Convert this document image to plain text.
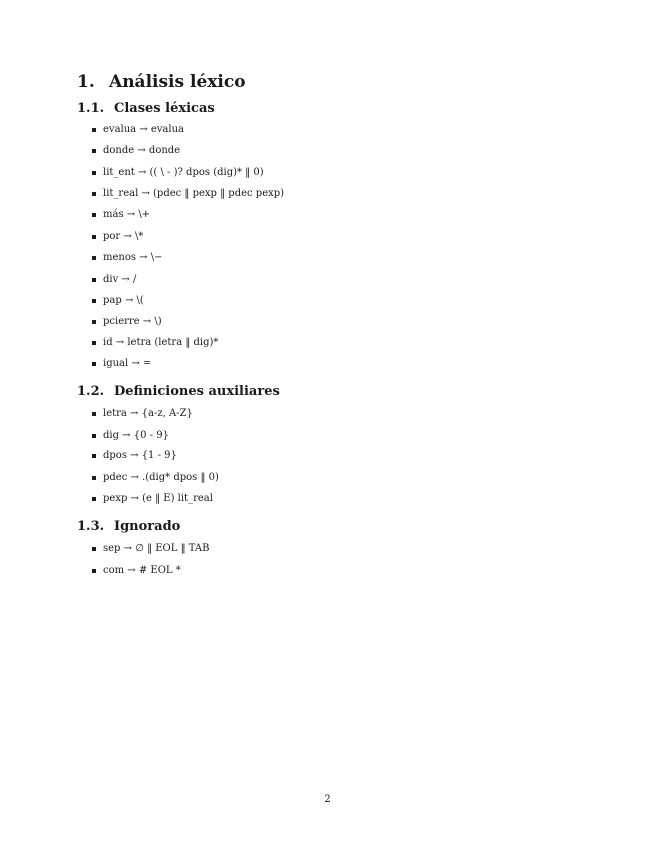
1. Análisis léxico
1.1. Clases léxicas
evalua → evalua
donde → donde
lit_ent → (( \ - )? dpos (dig)* ‖ 0)
lit_real → (pdec ‖ pexp ‖ pdec pexp)
más → \+
por → \*
menos → \−
div → /
pap → \(
pcierre → \)
id → letra (letra ‖ dig)*
igual → =
1.2. Definiciones auxiliares
letra → {a-z, A-Z}
dig → {0 - 9}
dpos → {1 - 9}
pdec → .(dig* dpos ‖ 0)
pexp → (e ‖ E) lit_real
1.3. Ignorado
sep → ∅ ‖ EOL ‖ TAB
com → # EOL *
2
